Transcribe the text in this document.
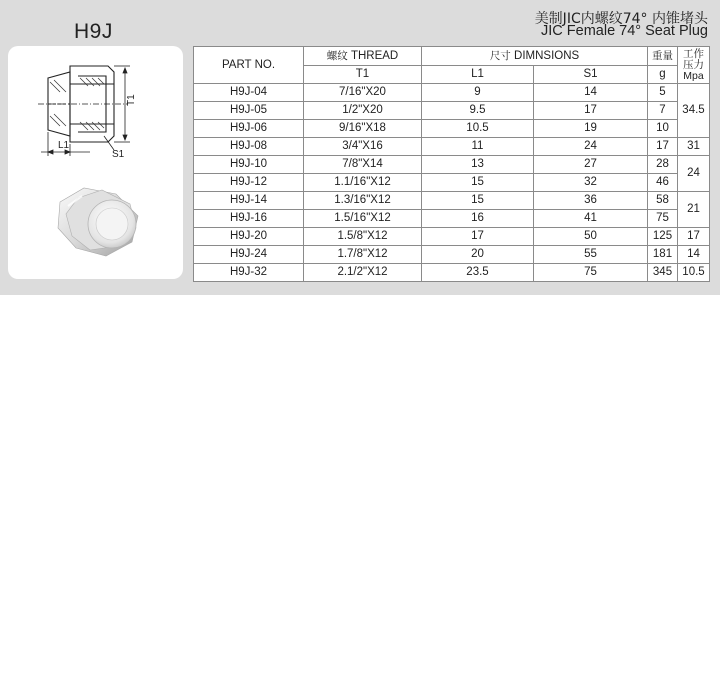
H9J
美制JIC内螺纹74° 内锥堵头
JIC Female 74° Seat Plug
T1
L1
S1
PART NO.	螺纹 THREAD	尺寸 DIMNSIONS		重量	工作
压力
Mpa
	T1	L1	S1	g	
H9J-04	7/16"X20	9	14	5	34.5
H9J-05	1/2"X20	9.5	17	7	
H9J-06	9/16"X18	10.5	19	10	
H9J-08	3/4"X16	11	24	17	31
H9J-10	7/8"X14	13	27	28	24
H9J-12	1.1/16"X12	15	32	46	
H9J-14	1.3/16"X12	15	36	58	21
H9J-16	1.5/16"X12	16	41	75	
H9J-20	1.5/8"X12	17	50	125	17
H9J-24	1.7/8"X12	20	55	181	14
H9J-32	2.1/2"X12	23.5	75	345	10.5
